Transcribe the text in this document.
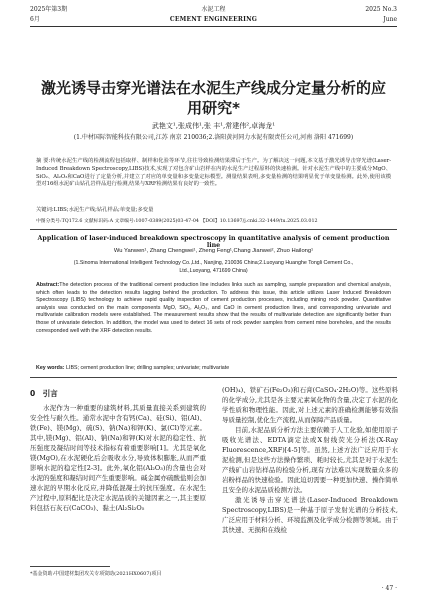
2025年第3期	水泥工程	2025 No.3
6月	CEMENT ENGINEERING	June
激光诱导击穿光谱法在水泥生产线成分定量分析的应用研究*
武艳文¹,张成伟¹,张 丰¹,常建伟²,卓海龙¹
(1.中材国际智能科技有限公司,江苏 南京 210036;2.洛阳黄河同力水泥有限责任公司,河南 洛阳 471699)
摘 要:传统水泥生产线的检测流程包括取样、制样和化验等环节,往往导致检测结果滞后于生产。为了解决这一问题,本文基于激光诱导击穿光谱(Laser-Induced Breakdown Spectroscopy,LIBS)技术,实现了对包含矿山岩样在内的水泥生产过程原料的快速检测。针对水泥生产线中的主要成分MgO、SiO₂、Al₂O₃和CaO进行了定量分析,并建立了对应的单变量和多变量定标模型。测量结果表明,多变量检测的结果明显优于单变量检测。此外,使用该模型对16组水泥矿山钻孔岩样品进行检测,结果与XRF检测结果有良好的一致性。
关键词:LIBS;水泥生产线;钻孔样品;单变量;多变量
中图分类号:TQ172.6 文献标识码:A 文章编号:1007-0389(2025)03-47-04 【DOI】10.13697/j.cnki.32-1449/tu.2025.03.012
Application of laser-induced breakdown spectroscopy in quantitative analysis of cement production line
Wu Yanwen¹, Zhang Chengwei¹, Zheng Feng¹,Chang Jianwei², Zhuo Hailong¹
(1.Sinoma International Intelligent Technology Co.,Ltd., Nanjing, 210036 China;2.Luoyang Huanghe Tongli Cement Co., Ltd.,Luoyang, 471699 China)
Abstract:The detection process of the traditional cement production line includes links such as sampling, sample preparation and chemical analysis, which often leads to the detection results lagging behind the production. To address this issue, this article utilizes Laser Induced Breakdown Spectroscopy (LIBS) technology to achieve rapid quality inspection of cement production processes, including mining rock powder. Quantitative analysis was conducted on the main components MgO, SiO₂, Al₂O₃, and CaO in cement production lines, and corresponding univariate and multivariate calibration models were established. The measurement results show that the results of multivariate detection are significantly better than those of univariate detection. In addition, the model was used to detect 16 sets of rock powder samples from cement mine boreholes, and the results corresponded well with the XRF detection results.
Key words: LIBS; cement production line; drilling samples; univariate; multivariate
0　引言

水泥作为一种重要的建筑材料,其质量直接关系到建筑的安全性与耐久性。通常水泥中含有钙(Ca)、硅(Si)、铝(Al)、铁(Fe)、镁(Mg)、硫(S)、钠(Na)和钾(K)、氯(Cl)等元素。其中,镁(Mg)、铝(Al)、钠(Na)和钾(K)对水泥的稳定性、抗压强度及凝结时间等技术指标有着重要影响[1]。尤其是氧化镁(MgO),在水泥硬化后会吸收水分,导致体积膨胀,从而严重影响水泥的稳定性[2-3]。此外,氧化铝(Al₂O₃)的含量也会对水泥的强度和凝结时间产生重要影响。碱金属亦硫酸盐则会加速水泥的早期水化反应,并降低混凝土的抗压强度。在水泥生产过程中,原料配比是决定水泥品质的关键因素之一,其主要原料包括石灰石(CaCO₃)、黏土(Al₂Si₂O₅

(OH)₄)、铁矿石(Fe₂O₃)和石膏(CaSO₄·2H₂O)等。这些原料的化学成分,尤其是各主要元素氧化物的含量,决定了水泥的化学性质和物理性能。因此,对上述元素的准确检测能够有效指导质量控制,优化生产流程,从而保障产品质量。

目前,水泥品质分析方法主要依赖于人工化验,如使用原子吸收光谱法、EDTA滴定法或X射线荧光分析法(X-Ray Fluorescence,XRF)[4-5]等。虽然,上述方法广泛应用于水泥检测,但是这些方法操作繁琐、耗时较长,尤其是对于水泥生产线矿山岩钻样品的检验分析,现有方法难以实现数量众多的岩粉样品的快速检验。因此迫切需要一种更加快速、操作简单且安全的水泥品质检测方法。

激光诱导击穿光谱法(Laser-Induced Breakdown Spectroscopy,LIBS)是一种基于原子发射光谱的分析技术,广泛应用于材料分析、环境监测及化学成分检测等领域。由于其快速、无损和在线检

*基金资助:中国建材集团攻关专项资助(2021HX0607)项目
· 47 ·
